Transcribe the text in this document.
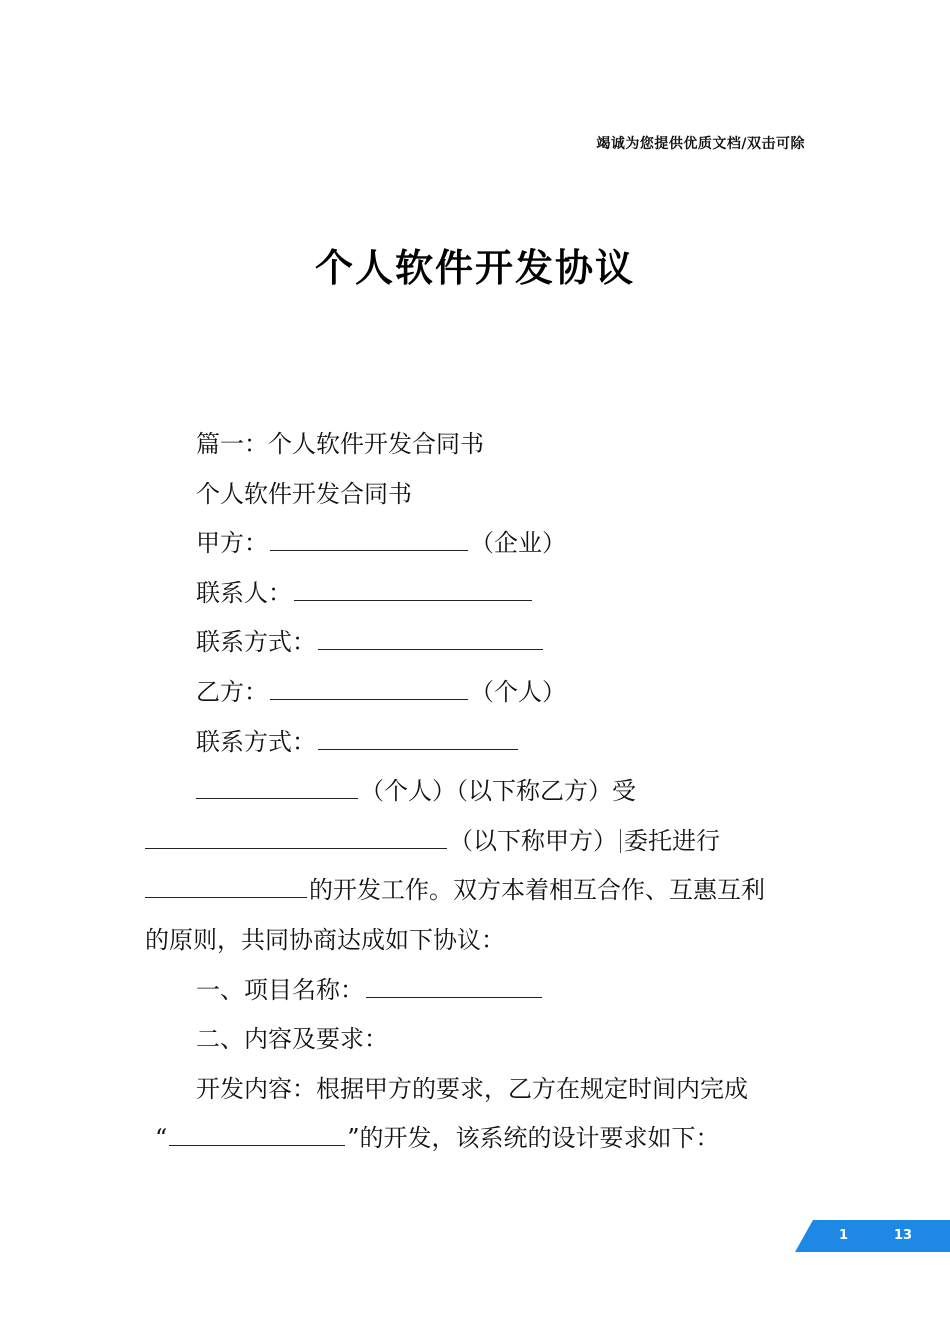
竭诚为您提供优质文档/双击可除
个人软件开发协议
篇一：个人软件开发合同书
个人软件开发合同书
甲方：	（企业）
联系人：
联系方式：
乙方：	（个人）
联系方式：
（个人）（以下称乙方）受
（以下称甲方） 委托进行
的开发工作。双方本着相互合作、互惠互利
的原则，共同协商达成如下协议：
一、项目名称：
二、内容及要求：
开发内容：根据甲方的要求，乙方在规定时间内完成
“	”的开发，该系统的设计要求如下：
1	13
